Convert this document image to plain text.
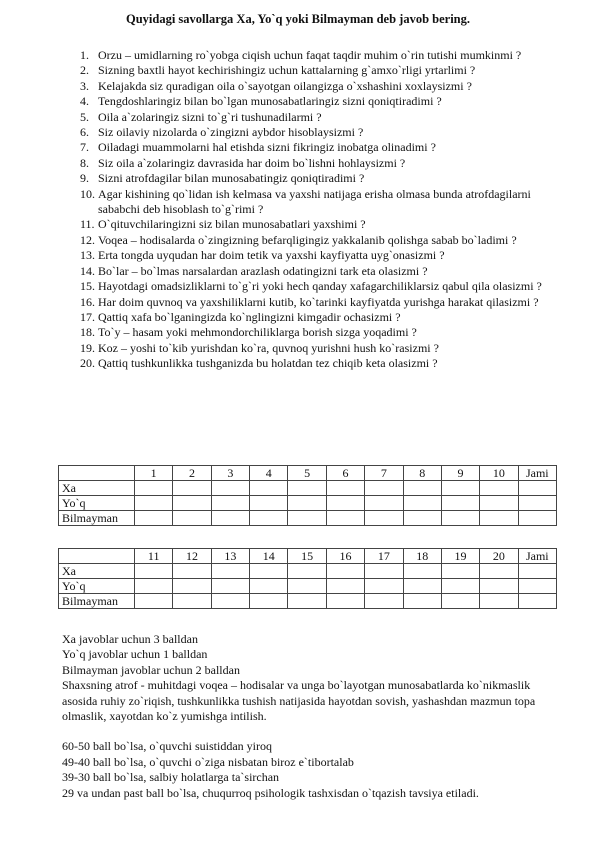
Quyidagi savollarga Xa, Yo`q yoki Bilmayman deb javob bering.
1. Orzu – umidlarning ro`yobga ciqish uchun faqat taqdir muhim o`rin tutishi mumkinmi ?
2. Sizning baxtli hayot kechirishingiz uchun kattalarning g`amxo`rligi yrtarlimi ?
3. Kelajakda siz quradigan oila o`sayotgan oilangizga o`xshashini xoxlaysizmi ?
4. Tengdoshlaringiz bilan bo`lgan munosabatlaringiz sizni qoniqtiradimi ?
5. Oila a`zolaringiz sizni to`g`ri tushunadilarmi ?
6. Siz oilaviy nizolarda o`zingizni aybdor hisoblaysizmi ?
7. Oiladagi muammolarni hal etishda sizni fikringiz inobatga olinadimi ?
8. Siz oila a`zolaringiz davrasida har doim bo`lishni hohlaysizmi ?
9. Sizni atrofdagilar bilan munosabatingiz qoniqtiradimi ?
10. Agar kishining qo`lidan ish kelmasa va yaxshi natijaga erisha olmasa bunda atrofdagilarni sababchi deb hisoblash to`g`rimi ?
11. O`qituvchilaringizni siz bilan munosabatlari yaxshimi ?
12. Voqea – hodisalarda o`zingizning befarqligingiz yakkalanib qolishga sabab bo`ladimi ?
13. Erta tongda uyqudan har doim tetik va yaxshi kayfiyatta uyg`onasizmi ?
14. Bo`lar – bo`lmas narsalardan arazlash odatingizni tark eta olasizmi ?
15. Hayotdagi omadsizliklarni to`g`ri yoki hech qanday xafagarchiliklarsiz qabul qila olasizmi ?
16. Har doim quvnoq va yaxshiliklarni kutib, ko`tarinki kayfiyatda yurishga harakat qilasizmi ?
17. Qattiq xafa bo`lganingizda ko`nglingizni kimgadir ochasizmi ?
18. To`y – hasam yoki mehmondorchiliklarga borish sizga yoqadimi ?
19. Koz – yoshi to`kib yurishdan ko`ra, quvnoq yurishni hush ko`rasizmi ?
20. Qattiq tushkunlikka tushganizda bu holatdan tez chiqib keta olasizmi ?
	1	2	3	4	5	6	7	8	9	10	Jami
Xa											
Yo`q											
Bilmayman											
	11	12	13	14	15	16	17	18	19	20	Jami
Xa											
Yo`q											
Bilmayman											

Xa javoblar uchun 3 balldan

Yo`q javoblar uchun 1 balldan

Bilmayman javoblar uchun 2 balldan

Shaxsning atrof - muhitdagi voqea – hodisalar va unga bo`layotgan munosabatlarda ko`nikmaslik asosida ruhiy zo`riqish, tushkunlikka tushish natijasida hayotdan sovish, yashashdan mazmun topa olmaslik, xayotdan ko`z yumishga intilish.

60-50 ball bo`lsa, o`quvchi suistiddan yiroq

49-40 ball bo`lsa, o`quvchi o`ziga nisbatan biroz e`tibortalab

39-30 ball bo`lsa, salbiy holatlarga ta`sirchan

29 va undan past ball bo`lsa, chuqurroq psihologik tashxisdan o`tqazish tavsiya etiladi.
